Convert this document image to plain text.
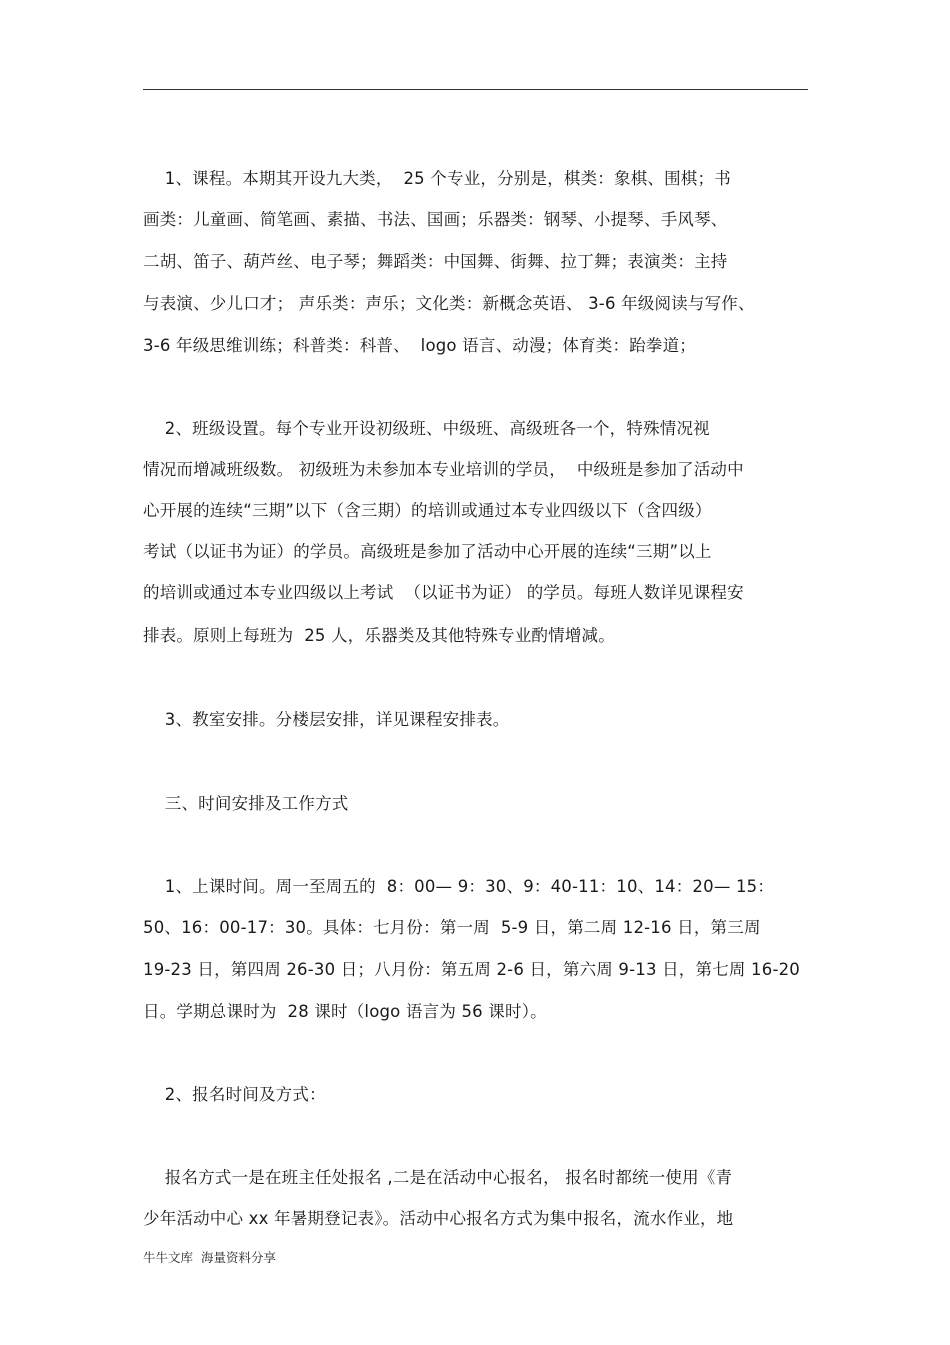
1、课程。本期其开设九大类，  25 个专业，分别是，棋类：象棋、围棋；书
画类：儿童画、简笔画、素描、书法、国画；乐器类：钢琴、小提琴、手风琴、
二胡、笛子、葫芦丝、电子琴；舞蹈类：中国舞、街舞、拉丁舞；表演类：主持
与表演、少儿口才； 声乐类：声乐；文化类：新概念英语、 3-6 年级阅读与写作、
3-6 年级思维训练；科普类：科普、  logo 语言、动漫；体育类：跆拳道；
2、班级设置。每个专业开设初级班、中级班、高级班各一个，特殊情况视
情况而增减班级数。 初级班为未参加本专业培训的学员，  中级班是参加了活动中
心开展的连续“三期”以下（含三期）的培训或通过本专业四级以下（含四级）
考试（以证书为证）的学员。高级班是参加了活动中心开展的连续“三期”以上
的培训或通过本专业四级以上考试  （以证书为证） 的学员。每班人数详见课程安
排表。原则上每班为  25 人，乐器类及其他特殊专业酌情增减。
3、教室安排。分楼层安排，详见课程安排表。
三、时间安排及工作方式
1、上课时间。周一至周五的  8：00— 9：30、9：40-11：10、14：20— 15：
50、16：00-17：30。具体：七月份：第一周  5-9 日，第二周 12-16 日，第三周
19-23 日，第四周 26-30 日；八月份：第五周 2-6 日，第六周 9-13 日，第七周 16-20
日。学期总课时为  28 课时（logo 语言为 56 课时）。
2、报名时间及方式：
报名方式一是在班主任处报名 ,二是在活动中心报名， 报名时都统一使用《青
少年活动中心 xx 年暑期登记表》。活动中心报名方式为集中报名，流水作业，地
牛牛文库  海量资料分享
